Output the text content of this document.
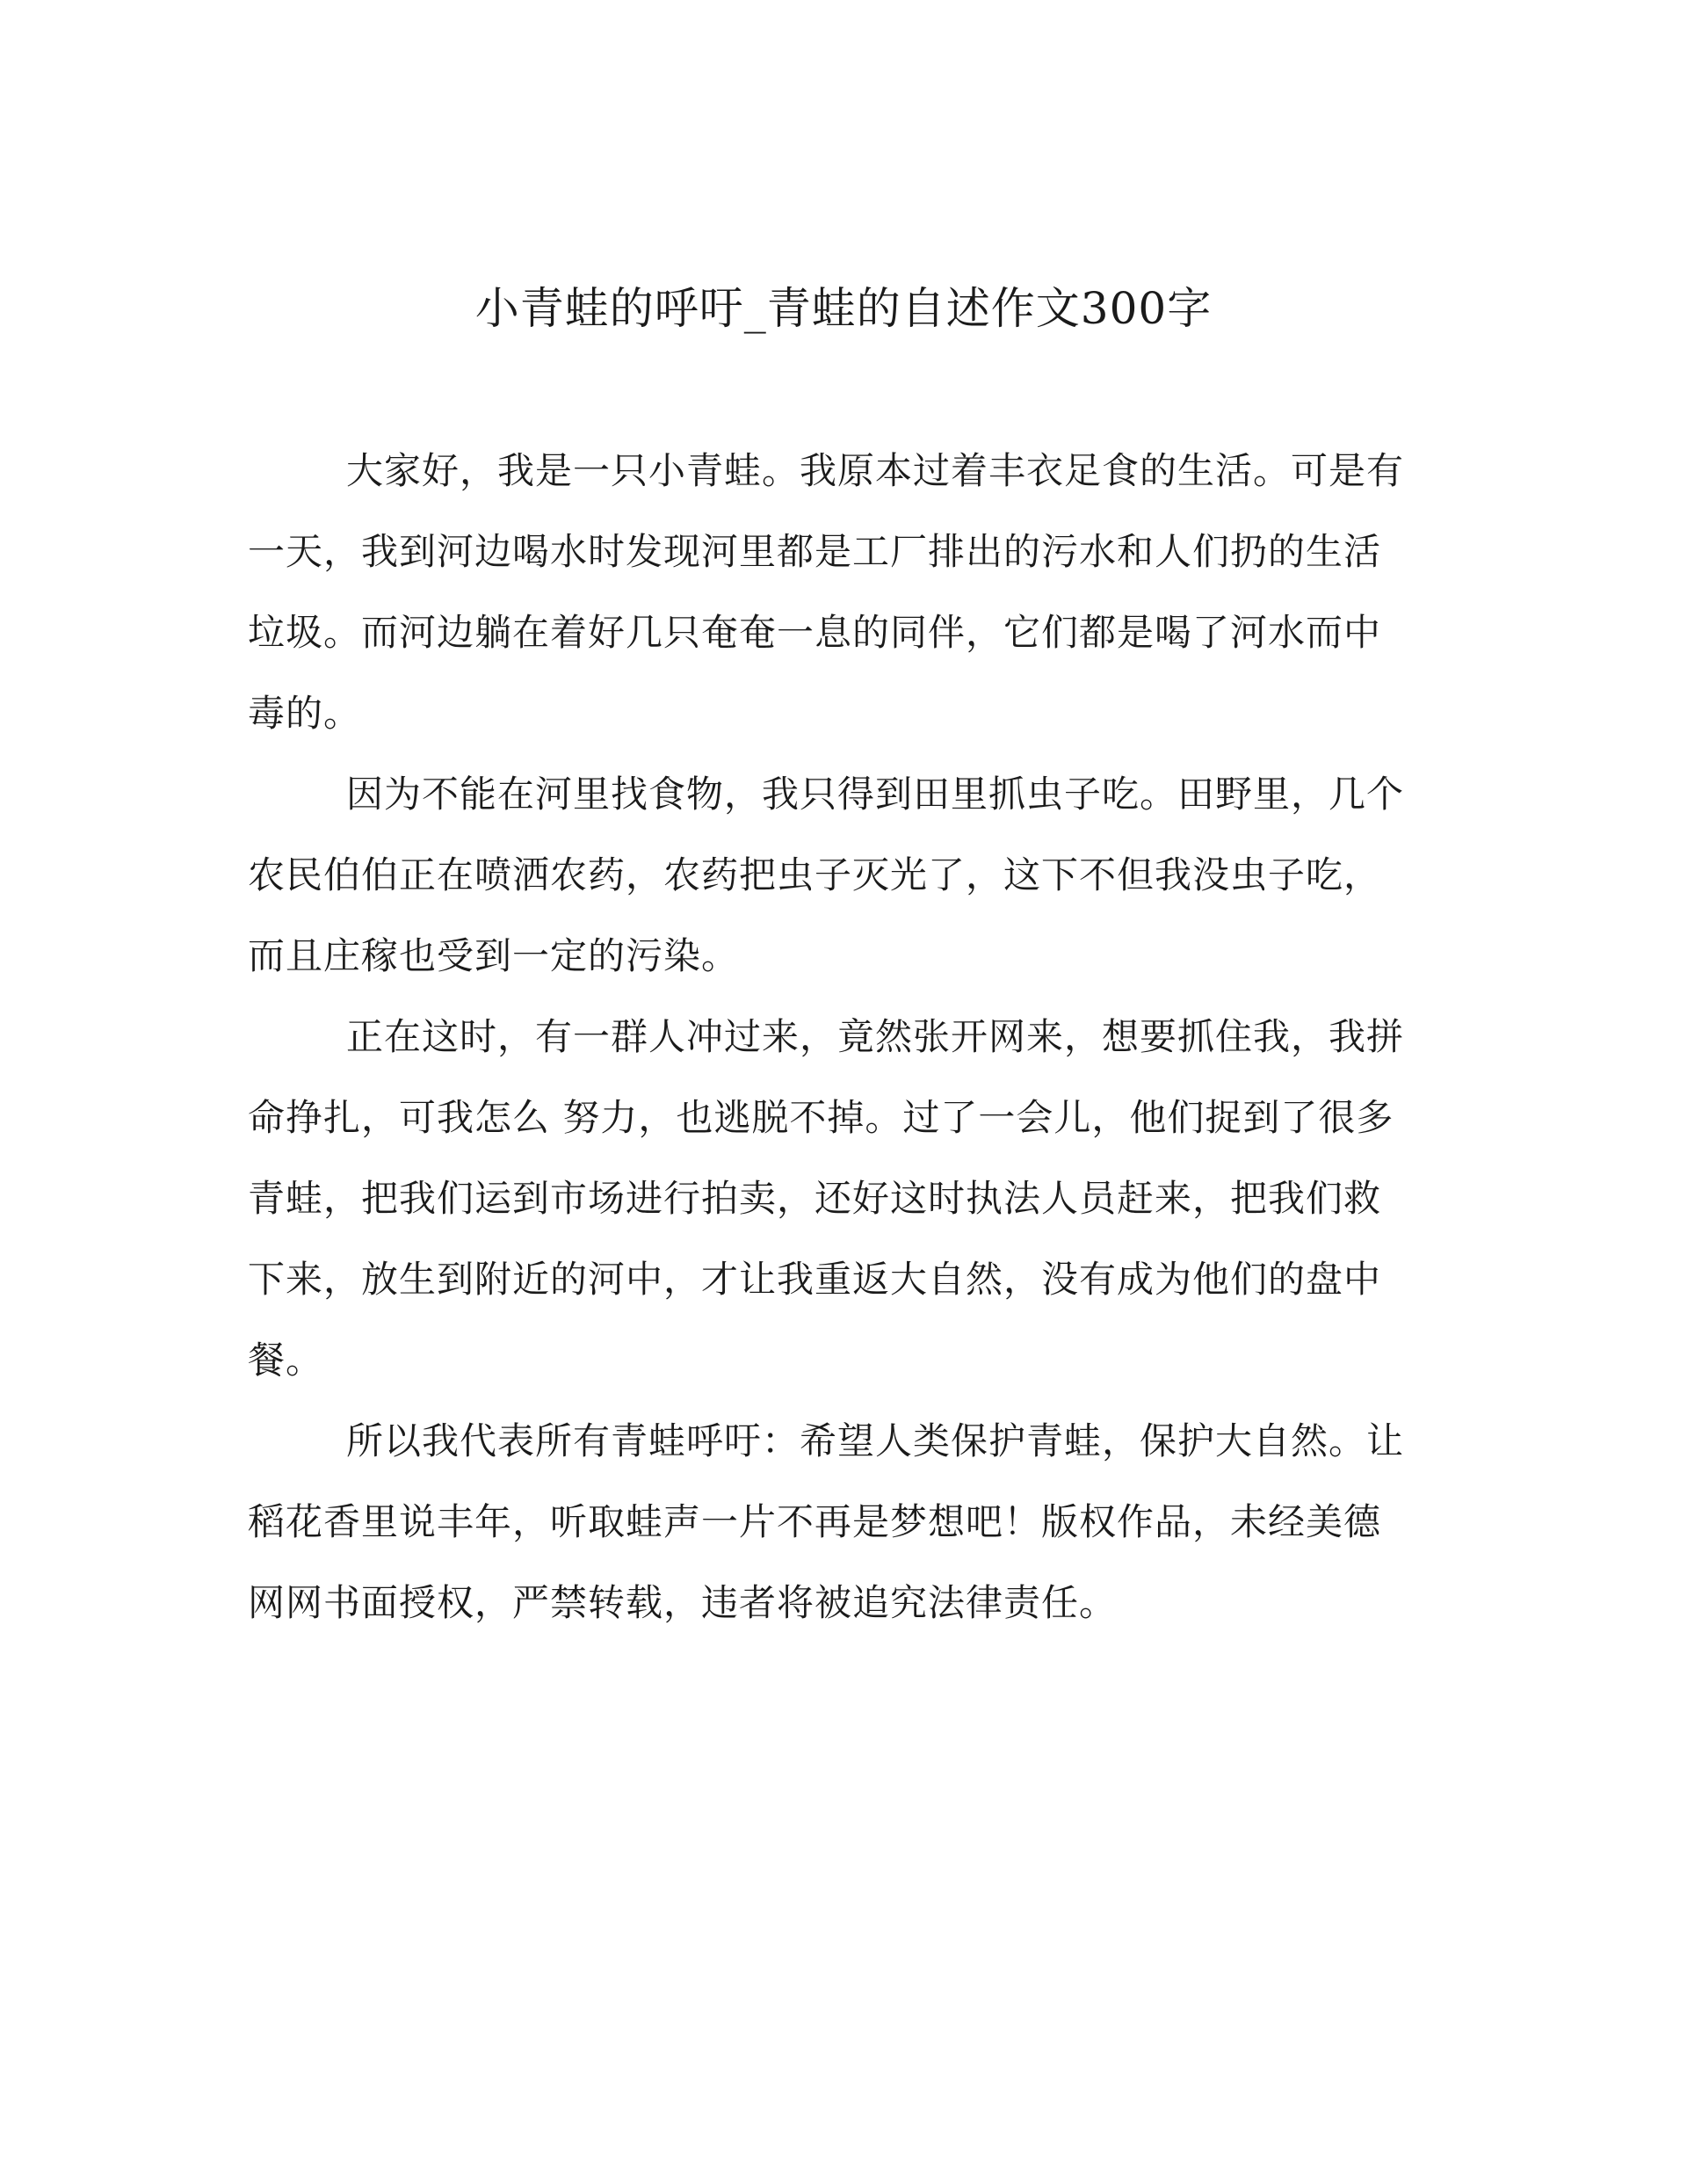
小青蛙的呼吁_青蛙的自述作文300字
大家好，我是一只小青蛙。我原本过着丰衣足食的生活。可是有
一天，我到河边喝水时发现河里都是工厂排出的污水和人们扔的生活
垃圾。而河边躺在着好几只奄奄一息的同伴，它们都是喝了河水而中
毒的。
因为不能在河里找食物，我只得到田里抓虫子吃。田野里，几个
农民伯伯正在喷洒农药，农药把虫子灭光了，这下不但我没虫子吃，
而且庄稼也受到一定的污染。
正在这时，有一群人冲过来，竟然张开网来，想要抓住我，我拼
命挣扎，可我怎么 努力，也逃脱不掉。过了一会儿，他们捉到了很多
青蛙，把我们运到市场进行拍卖，还好这时执法人员赶来，把我们救
下来，放生到附近的河中，才让我重返大自然，没有成为他们的盘中
餐。
所以我代表所有青蛙呼吁：希望人类保护青蛙，保护大自然。让
稻花香里说丰年，听取蛙声一片不再是梦想吧！版权作品，未经美德
网网书面授权，严禁转载，违者将被追究法律责任。
